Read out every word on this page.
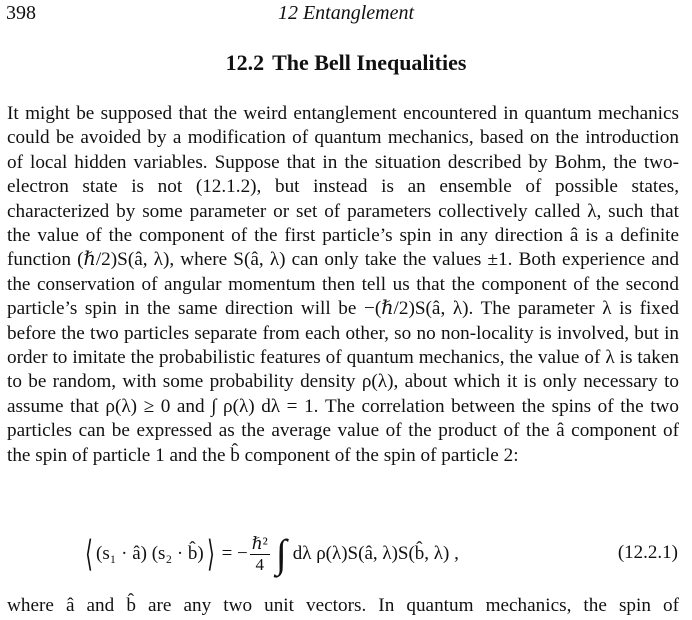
398	12 Entanglement
12.2 The Bell Inequalities

It might be supposed that the weird entanglement encountered in quantum mechanics could be avoided by a modification of quantum mechanics, based on the introduction of local hidden variables. Suppose that in the situation described by Bohm, the two-electron state is not (12.1.2), but instead is an ensemble of possible states, characterized by some parameter or set of parameters collectively called λ, such that the value of the component of the first particle’s spin in any direction â is a definite function (ℏ/2)S(â, λ), where S(â, λ) can only take the values ±1. Both experience and the conservation of angular momentum then tell us that the component of the second particle’s spin in the same direction will be −(ℏ/2)S(â, λ). The parameter λ is fixed before the two particles separate from each other, so no non-locality is involved, but in order to imitate the probabilistic features of quantum mechanics, the value of λ is taken to be random, with some probability density ρ(λ), about which it is only necessary to assume that ρ(λ) ≥ 0 and ∫ ρ(λ) dλ = 1. The correlation between the spins of the two particles can be expressed as the average value of the product of the â component of the spin of particle 1 and the b̂ component of the spin of particle 2:

⟨ (s₁ · â) (s₂ · b̂) ⟩ = − $\frac{\text{ℏ²}}{4}$ ∫ dλ ρ(λ)S(â, λ)S(b̂, λ) ,	(12.2.1)

where â and b̂ are any two unit vectors. In quantum mechanics, the spin of
